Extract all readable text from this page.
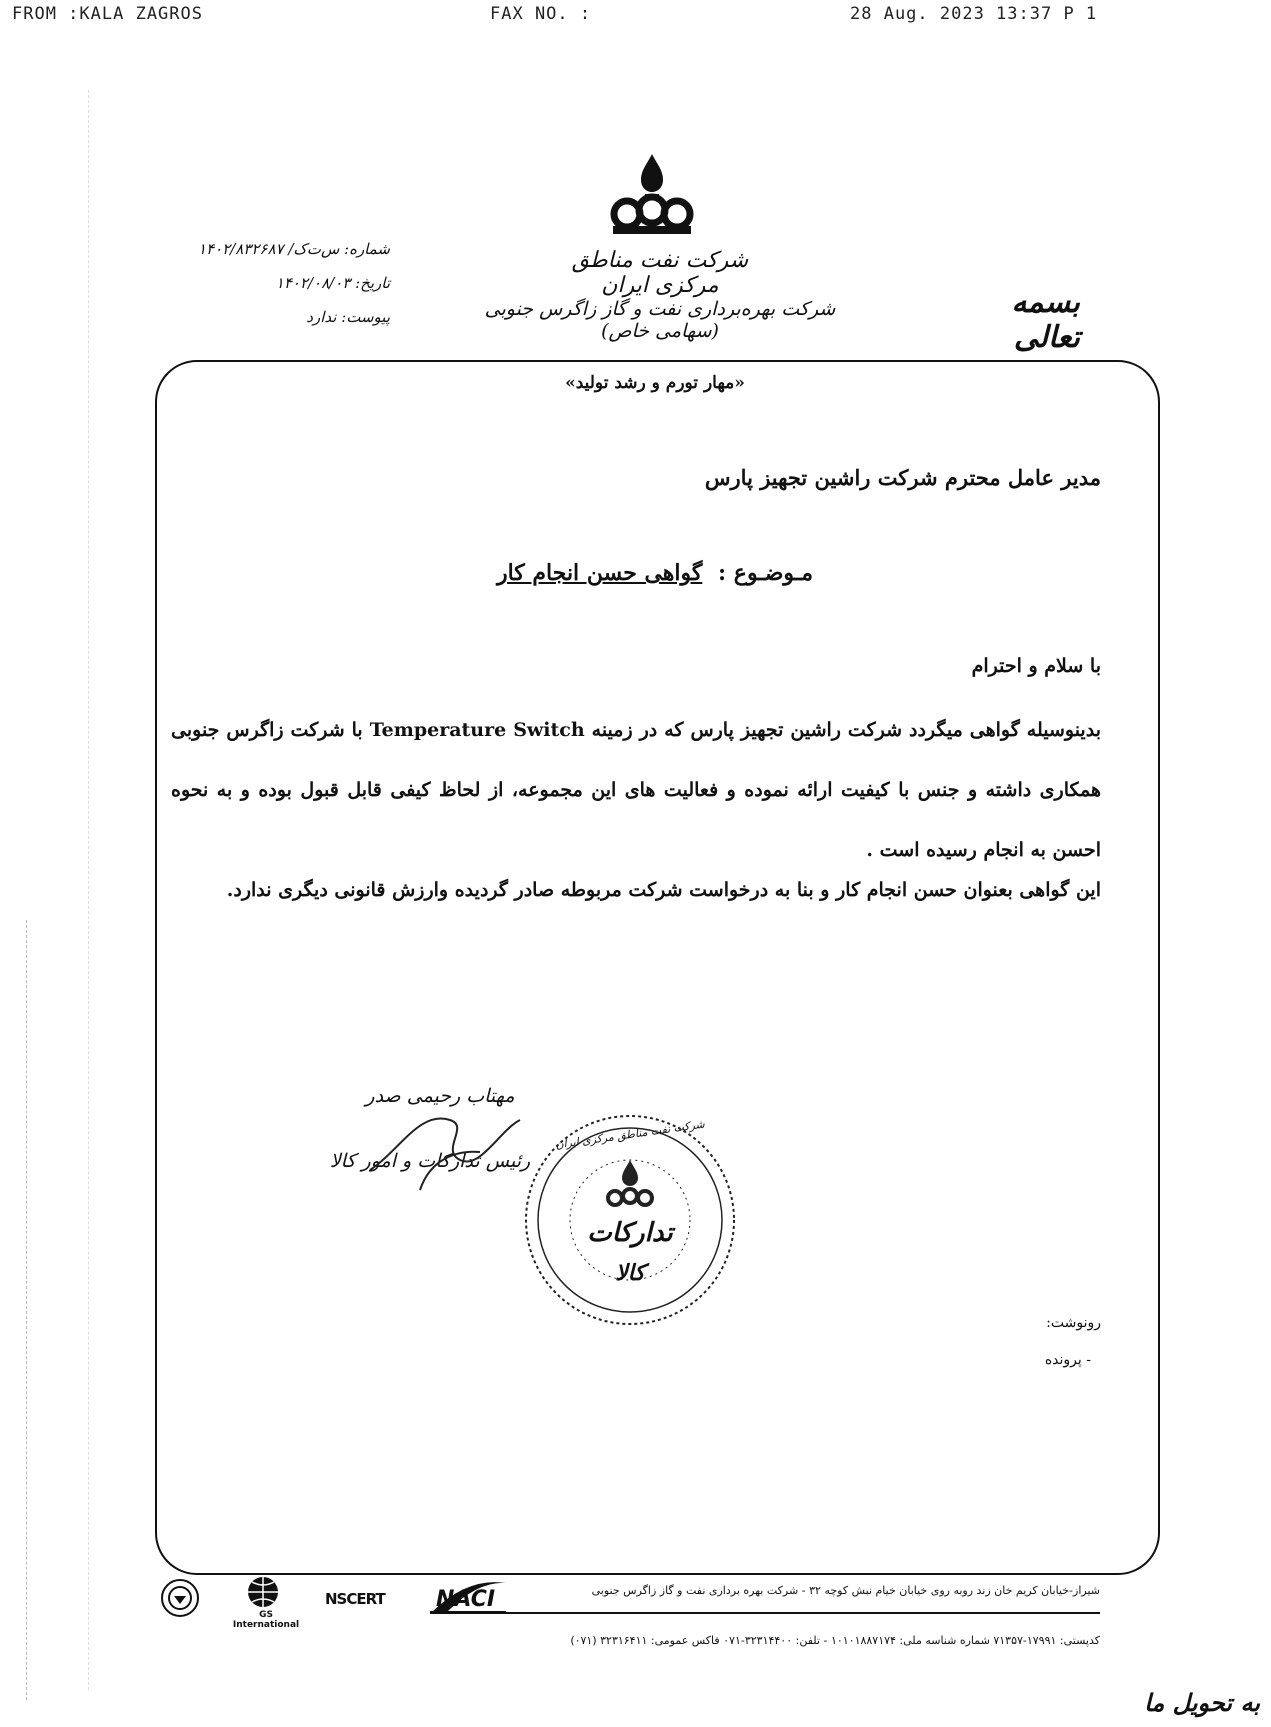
FROM :KALA ZAGROS	FAX NO. :	28 Aug. 2023 13:37 P 1
شرکت نفت مناطق مرکزی ایران
شرکت بهره‌برداری نفت و گاز زاگرس جنوبی (سهامی خاص)
بسمه تعالی
شماره: س‌ت‌ک/ ۱۴۰۲/۸۳۲۶۸۷
تاریخ: ۱۴۰۲/۰۸/۰۳
پیوست: ندارد
«مهار تورم و رشد تولید»
مدیر عامل محترم شرکت راشین تجهیز پارس
مـوضـوع : گواهی حسن انجام کار
با سلام و احترام
بدینوسیله گواهی میگردد شرکت راشین تجهیز پارس که در زمینه Temperature Switch با شرکت زاگرس جنوبی همکاری داشته و جنس با کیفیت ارائه نموده و فعالیت های این مجموعه، از لحاظ کیفی قابل قبول بوده و به نحوه احسن به انجام رسیده است .
این گواهی بعنوان حسن انجام کار و بنا به درخواست شرکت مربوطه صادر گردیده وارزش قانونی دیگری ندارد.
مهتاب رحیمی صدر
رئیس تدارکات و امور کالا
شرکت نفت مناطق مرکزی ایران
تدارکات
کالا
رونوشت:
- پرونده
GS International
NSCERT NACI	شیراز-خیابان کریم خان زند روبه روی خیابان خیام نبش کوچه ۳۲ - شرکت بهره برداری نفت و گاز زاگرس جنوبی
کدپستی: ۱۷۹۹۱-۷۱۳۵۷ شماره شناسه ملی: ۱۰۱۰۱۸۸۷۱۷۴ - تلفن: ۳۲۳۱۴۴۰۰-۰۷۱ فاکس عمومی: ۳۲۳۱۶۴۱۱ (۰۷۱)
به تحویل ما
